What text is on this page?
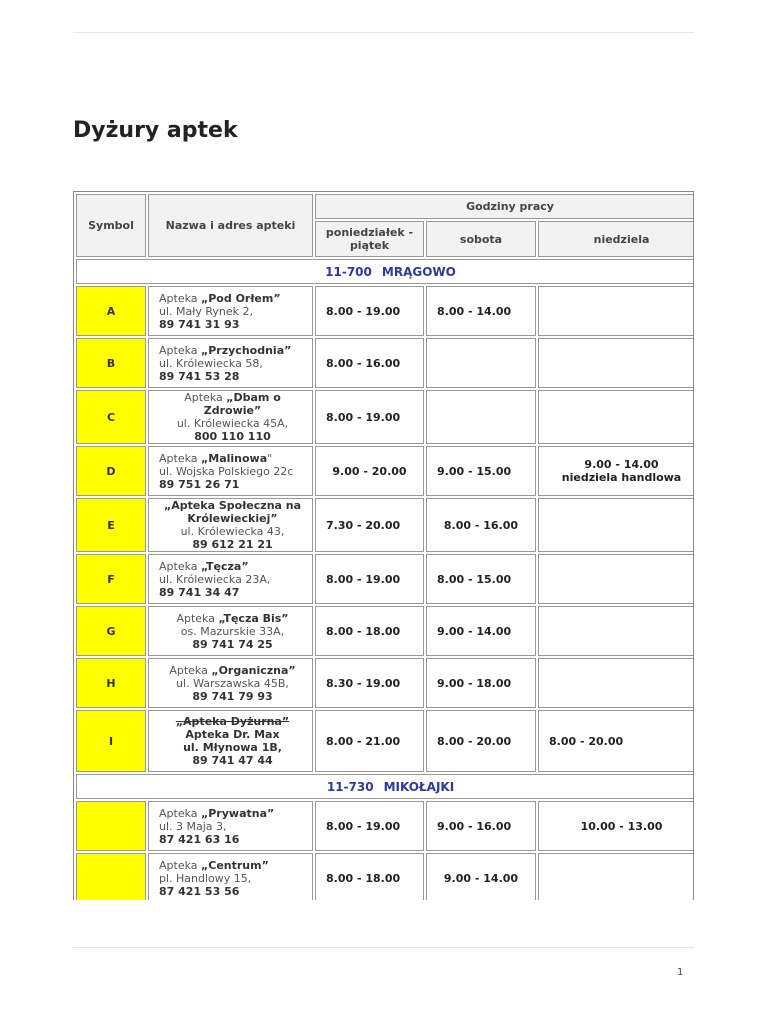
Dyżury aptek
Symbol	Nazwa i adres apteki	Godziny pracy		
		poniedziałek -piątek	sobota	niedziela
11-700 MRĄGOWO				
A	Apteka „Pod Orłem”
ul. Mały Rynek 2,
89 741 31 93	8.00 - 19.00	8.00 - 14.00	
B	Apteka „Przychodnia”
ul. Królewiecka 58,
89 741 53 28	8.00 - 16.00		
C	Apteka „Dbam o Zdrowie”
ul. Królewiecka 45A,
800 110 110	8.00 - 19.00		
D	Apteka „Malinowa"
ul. Wojska Polskiego 22c
89 751 26 71	9.00 - 20.00	9.00 - 15.00	9.00 - 14.00
niedziela handlowa
E	„Apteka Społeczna na Królewieckiej”
ul. Królewiecka 43,
89 612 21 21	7.30 - 20.00	8.00 - 16.00	
F	Apteka „Tęcza”
ul. Królewiecka 23A,
89 741 34 47	8.00 - 19.00	8.00 - 15.00	
G	Apteka „Tęcza Bis”
os. Mazurskie 33A,
89 741 74 25	8.00 - 18.00	9.00 - 14.00	
H	Apteka „Organiczna”
ul. Warszawska 45B,
89 741 79 93	8.30 - 19.00	9.00 - 18.00	
I	„Apteka Dyżurna”
Apteka Dr. Max
ul. Młynowa 1B,
89 741 47 44	8.00 - 21.00	8.00 - 20.00	8.00 - 20.00
11-730 MIKOŁAJKI				
	Apteka „Prywatna”
ul. 3 Maja 3,
87 421 63 16	8.00 - 19.00	9.00 - 16.00	10.00 - 13.00
	Apteka „Centrum”
pl. Handlowy 15,
87 421 53 56	8.00 - 18.00	9.00 - 14.00	
1
